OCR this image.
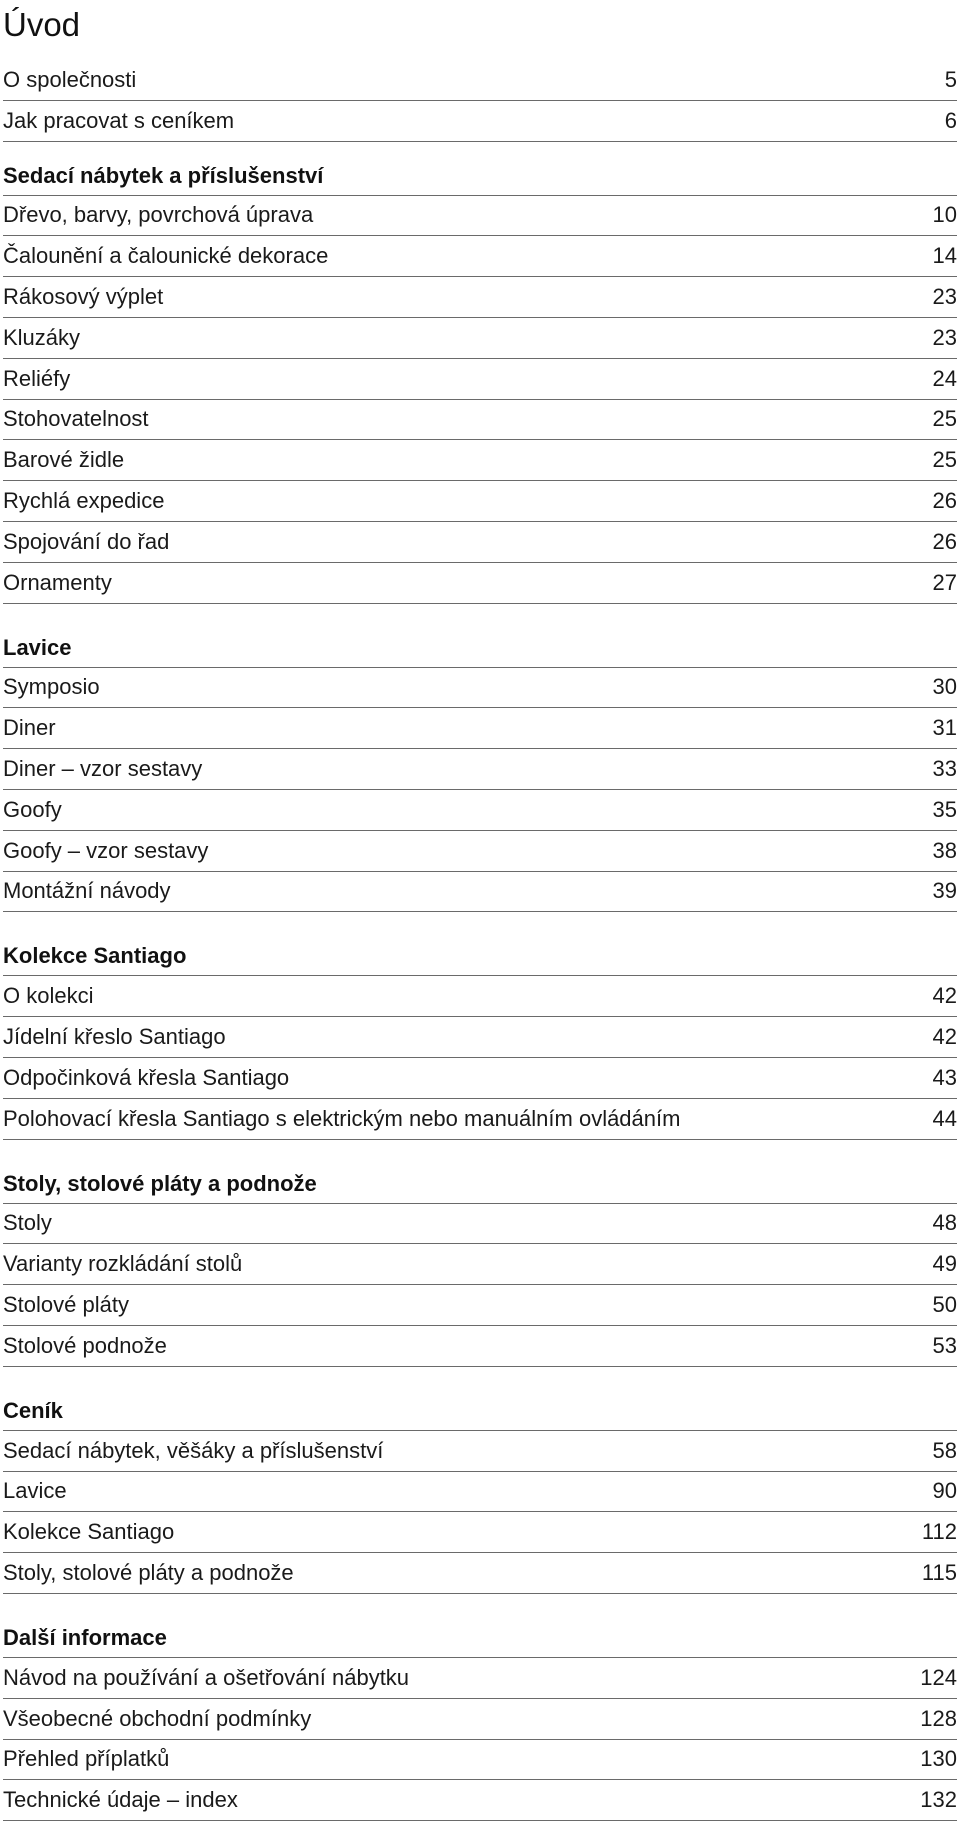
Úvod
O společnosti	5
Jak pracovat s ceníkem	6
Sedací nábytek a příslušenství
Dřevo, barvy, povrchová úprava	10
Čalounění a čalounické dekorace	14
Rákosový výplet	23
Kluzáky	23
Reliéfy	24
Stohovatelnost	25
Barové židle	25
Rychlá expedice	26
Spojování do řad	26
Ornamenty	27
Lavice
Symposio	30
Diner	31
Diner – vzor sestavy	33
Goofy	35
Goofy – vzor sestavy	38
Montážní návody	39
Kolekce Santiago
O kolekci	42
Jídelní křeslo Santiago	42
Odpočinková křesla Santiago	43
Polohovací křesla Santiago s elektrickým nebo manuálním ovládáním	44
Stoly, stolové pláty a podnože
Stoly	48
Varianty rozkládání stolů	49
Stolové pláty	50
Stolové podnože	53
Ceník
Sedací nábytek, věšáky a příslušenství	58
Lavice	90
Kolekce Santiago	112
Stoly, stolové pláty a podnože	115
Další informace
Návod na používání a ošetřování nábytku	124
Všeobecné obchodní podmínky	128
Přehled příplatků	130
Technické údaje – index	132
